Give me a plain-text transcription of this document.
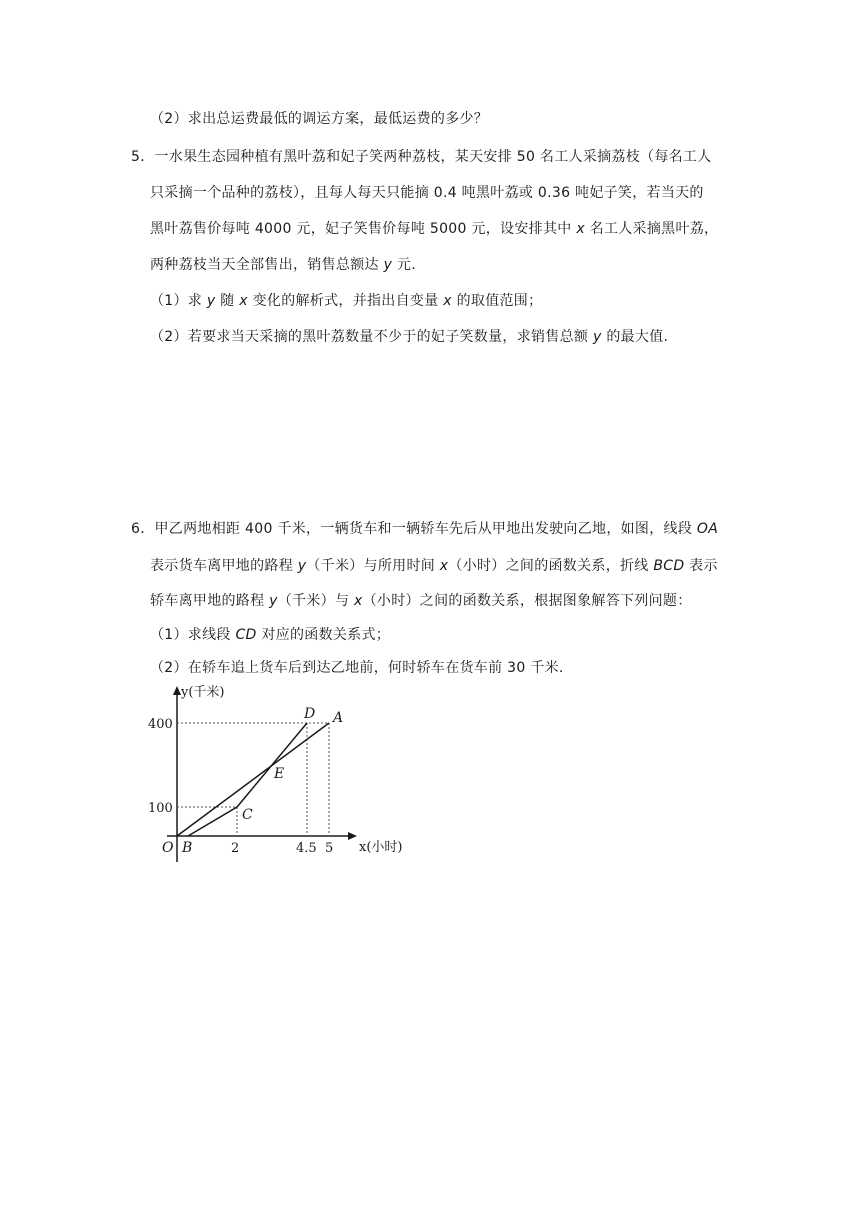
（2）求出总运费最低的调运方案，最低运费的多少？
5．一水果生态园种植有黑叶荔和妃子笑两种荔枝，某天安排 50 名工人采摘荔枝（每名工人
只采摘一个品种的荔枝），且每人每天只能摘 0.4 吨黑叶荔或 0.36 吨妃子笑，若当天的
黑叶荔售价每吨 4000 元，妃子笑售价每吨 5000 元，设安排其中 x 名工人采摘黑叶荔，
两种荔枝当天全部售出，销售总额达 y 元.
（1）求 y 随 x 变化的解析式，并指出自变量 x 的取值范围；
（2）若要求当天采摘的黑叶荔数量不少于的妃子笑数量，求销售总额 y 的最大值.
6．甲乙两地相距 400 千米，一辆货车和一辆轿车先后从甲地出发驶向乙地，如图，线段 OA
表示货车离甲地的路程 y（千米）与所用时间 x（小时）之间的函数关系，折线 BCD 表示
轿车离甲地的路程 y（千米）与 x（小时）之间的函数关系，根据图象解答下列问题：
（1）求线段 CD 对应的函数关系式；
（2）在轿车追上货车后到达乙地前，何时轿车在货车前 30 千米.
y(千米)
x(小时)
400
100
2	4.5 5
O B
C
D
E
A
